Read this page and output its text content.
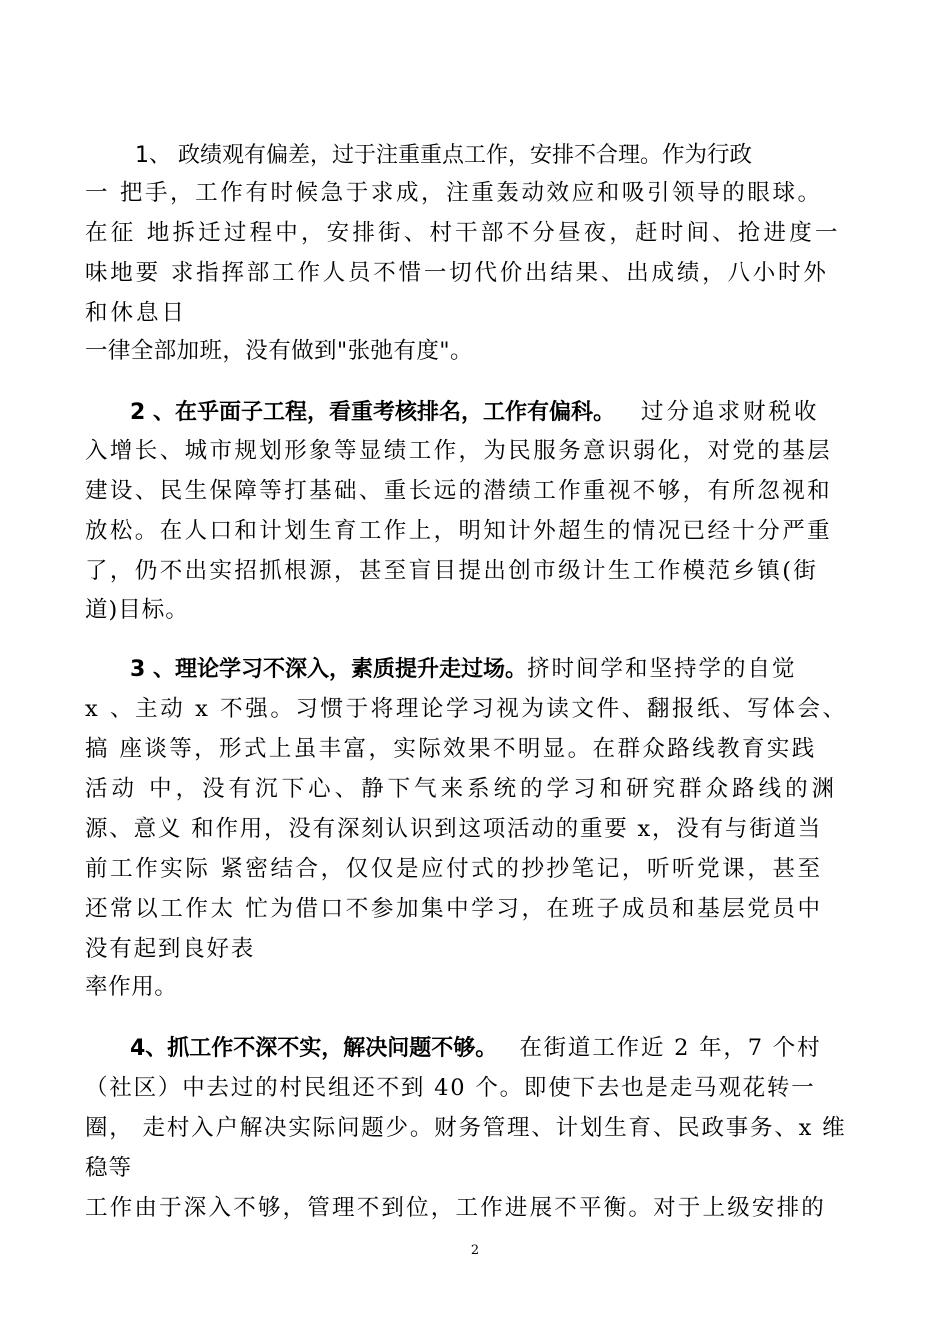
1、 政绩观有偏差，过于注重重点工作，安排不合理。作为行政
一 把手，工作有时候急于求成，注重轰动效应和吸引领导的眼球。
在征 地拆迁过程中，安排街、村干部不分昼夜，赶时间、抢进度一
味地要 求指挥部工作人员不惜一切代价出结果、出成绩，八小时外
和休息日
一律全部加班，没有做到"张弛有度"。
2 、在乎面子工程，看重考核排名，工作有偏科。 过分追求财税收
入增长、城市规划形象等显绩工作，为民服务意识弱化，对党的基层
建设、民生保障等打基础、重长远的潜绩工作重视不够，有所忽视和
放松。在人口和计划生育工作上，明知计外超生的情况已经十分严重
了，仍不出实招抓根源，甚至盲目提出创市级计生工作模范乡镇(街
道)目标。
3 、理论学习不深入，素质提升走过场。挤时间学和坚持学的自觉
x 、主动 x 不强。习惯于将理论学习视为读文件、翻报纸、写体会、
搞 座谈等，形式上虽丰富，实际效果不明显。在群众路线教育实践
活动 中，没有沉下心、静下气来系统的学习和研究群众路线的渊
源、意义 和作用，没有深刻认识到这项活动的重要 x，没有与街道当
前工作实际 紧密结合，仅仅是应付式的抄抄笔记，听听党课，甚至
还常以工作太 忙为借口不参加集中学习，在班子成员和基层党员中
没有起到良好表
率作用。
4、抓工作不深不实，解决问题不够。 在街道工作近 2 年，7 个村
（社区）中去过的村民组还不到 40 个。即使下去也是走马观花转一
圈， 走村入户解决实际问题少。财务管理、计划生育、民政事务、x 维
稳等
工作由于深入不够，管理不到位，工作进展不平衡。对于上级安排的
2
